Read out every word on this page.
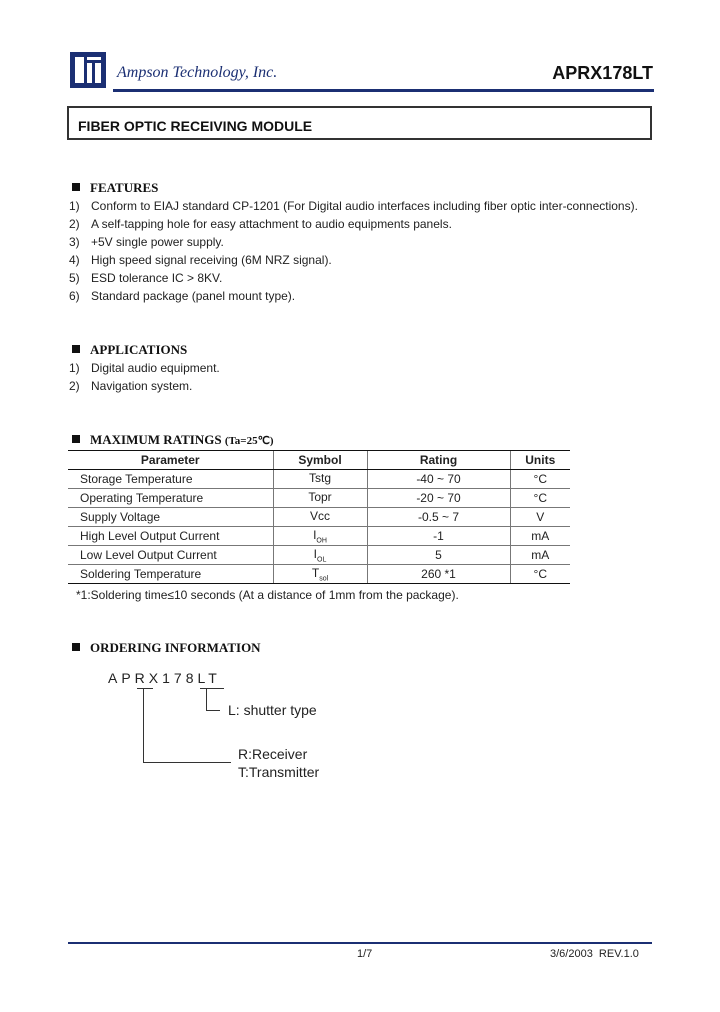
Ampson Technology, Inc.	APRX178LT
FIBER OPTIC RECEIVING MODULE
FEATURES
1) Conform to EIAJ standard CP-1201 (For Digital audio interfaces including fiber optic inter-connections).
2) A self-tapping hole for easy attachment to audio equipments panels.
3) +5V single power supply.
4) High speed signal receiving (6M NRZ signal).
5) ESD tolerance IC > 8KV.
6) Standard package (panel mount type).
APPLICATIONS
1) Digital audio equipment.
2) Navigation system.
MAXIMUM RATINGS (Ta=25℃)
Parameter	Symbol	Rating	Units
Storage Temperature	Tstg	-40 ~ 70	°C
Operating Temperature	Topr	-20 ~ 70	°C
Supply Voltage	Vcc	-0.5 ~ 7	V
High Level Output Current	$I_{OH}$	-1	mA
Low Level Output Current	$I_{OL}$	5	mA
Soldering Temperature	$T_{sol}$	260 *1	°C
*1:Soldering time≤10 seconds (At a distance of 1mm from the package).
ORDERING INFORMATION
APRX178LT
L: shutter type
R:Receiver
T:Transmitter
1/7	3/6/2003  REV.1.0
